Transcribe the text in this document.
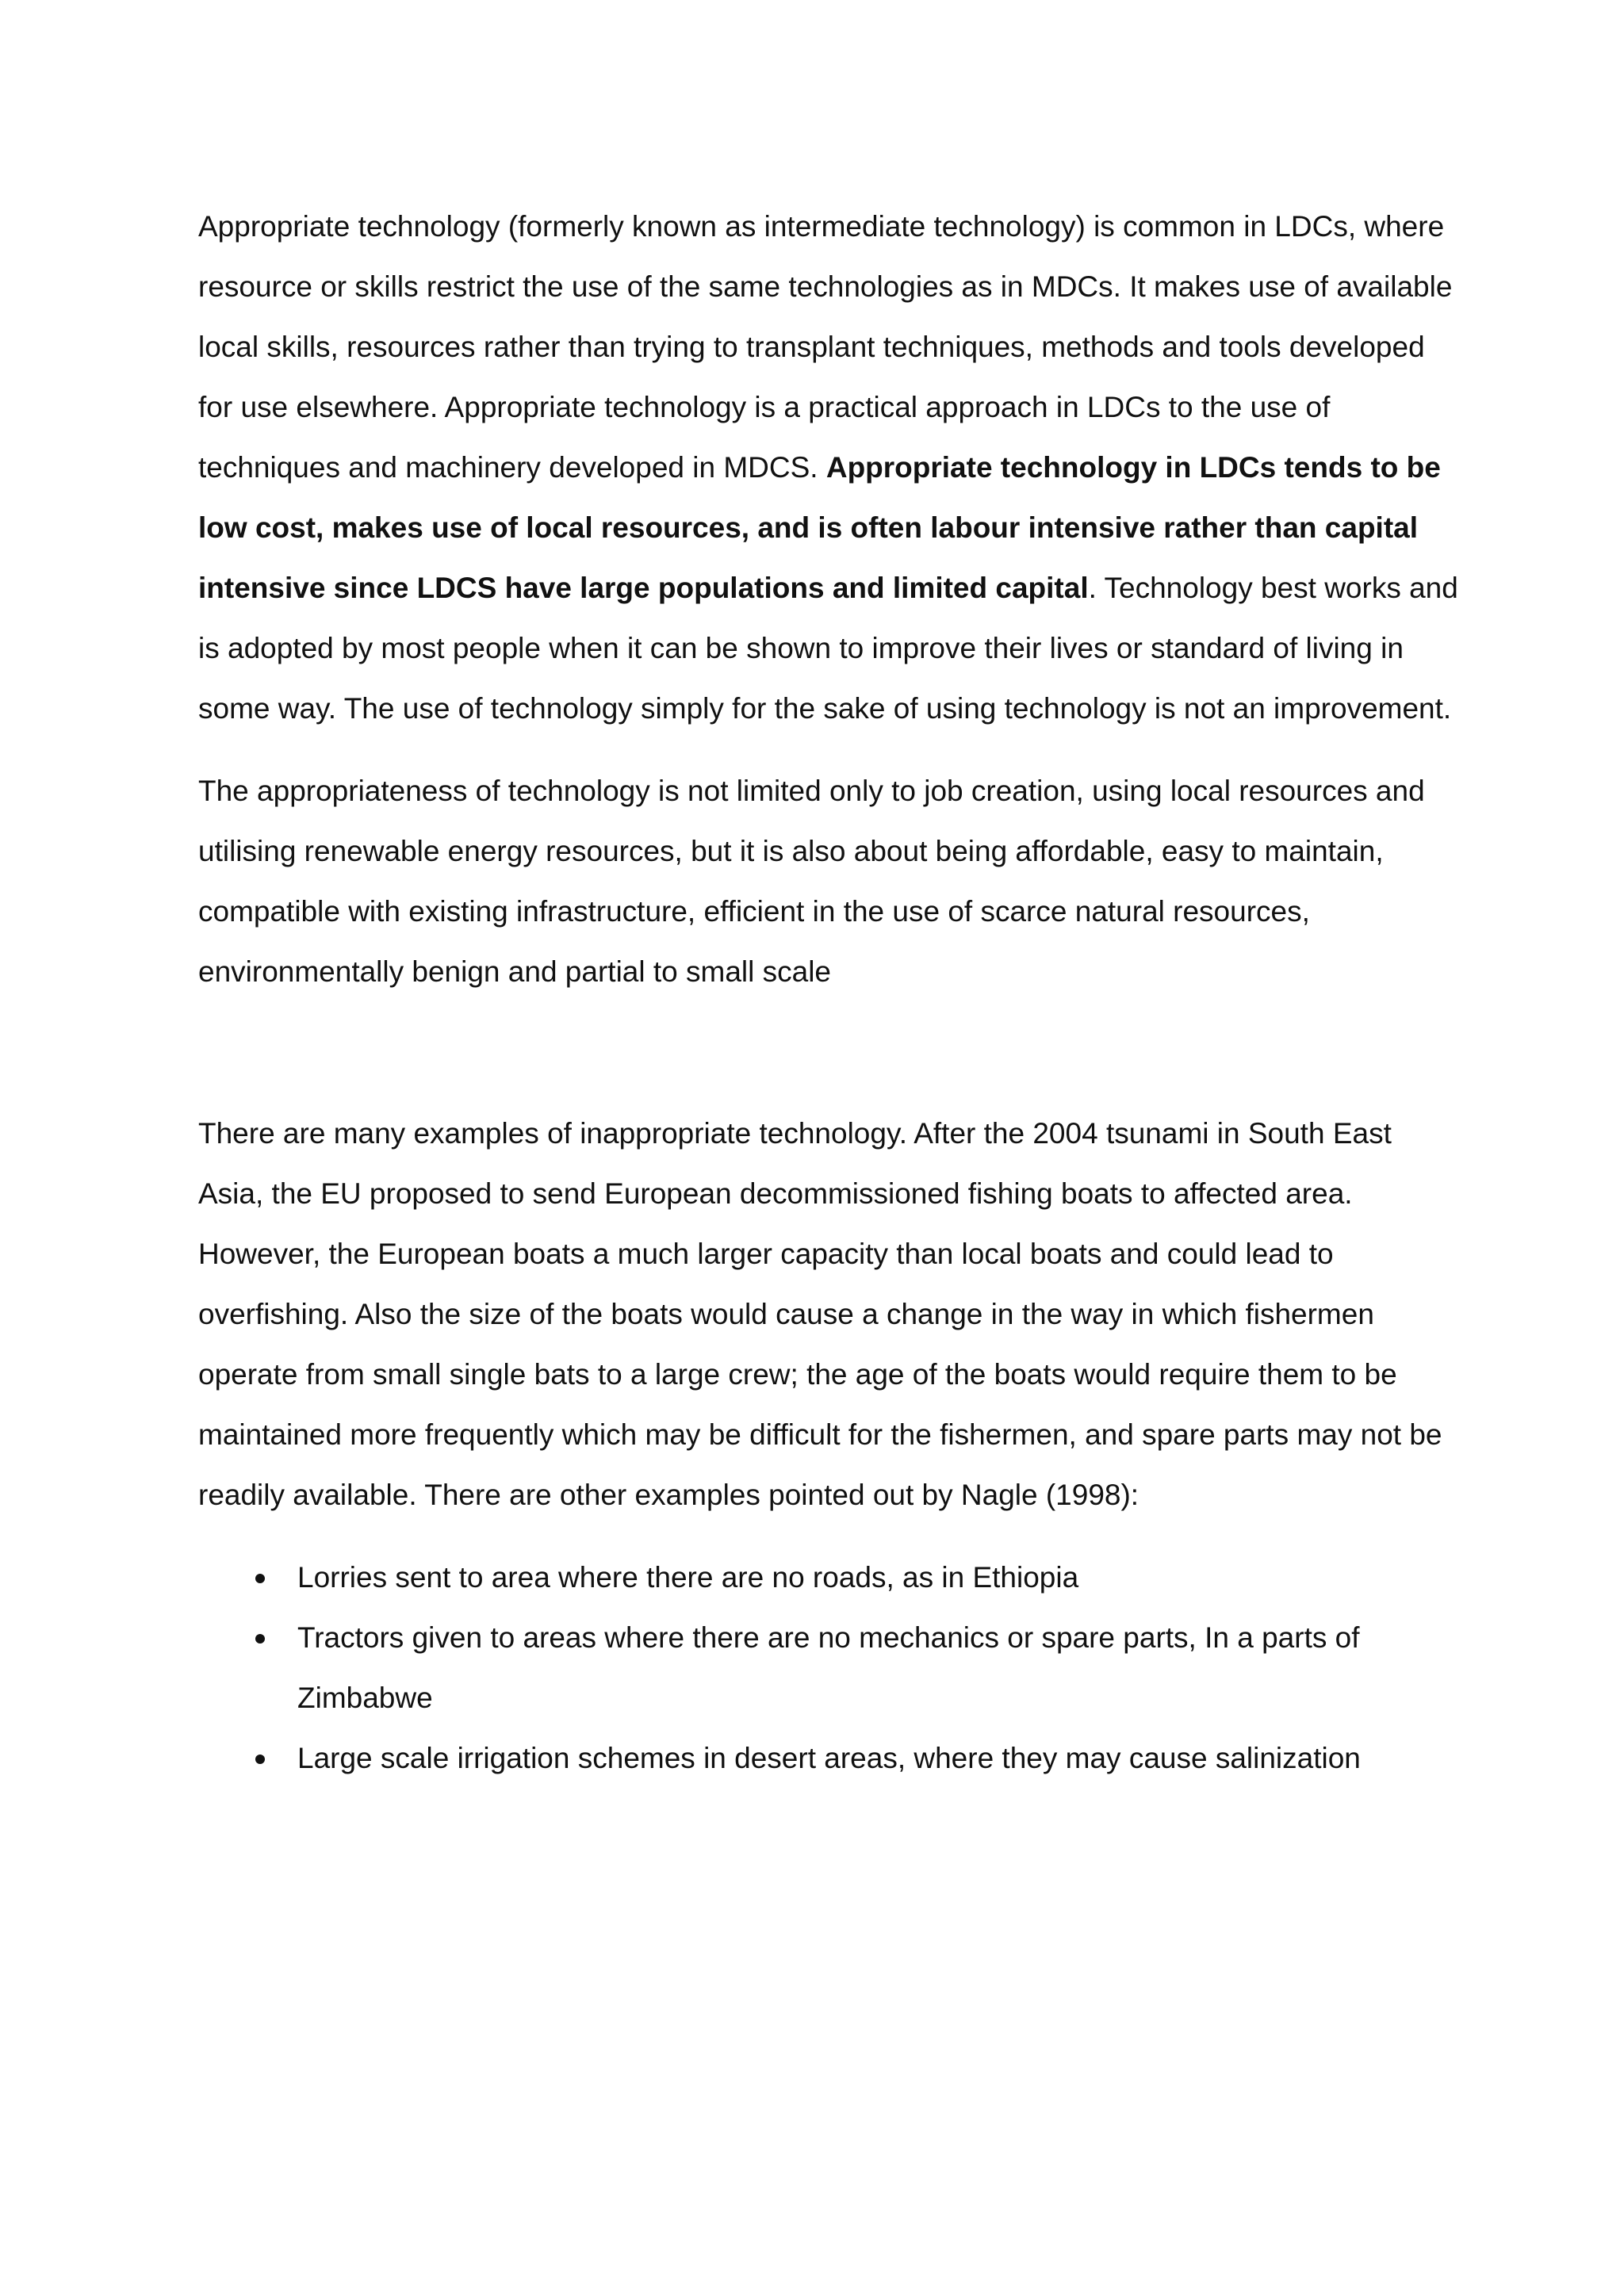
Appropriate technology (formerly known as intermediate technology) is common in LDCs, where resource or skills restrict the use of the same technologies as in MDCs. It makes use of available local skills, resources rather than trying to transplant techniques, methods and tools developed for use elsewhere. Appropriate technology is a practical approach in LDCs to the use of techniques and machinery developed in MDCS. Appropriate technology in LDCs tends to be low cost, makes use of local resources, and is often labour intensive rather than capital intensive since LDCS have large populations and limited capital. Technology best works and is adopted by most people when it can be shown to improve their lives or standard of living in some way. The use of technology simply for the sake of using technology is not an improvement.

The appropriateness of technology is not limited only to job creation, using local resources and utilising renewable energy resources, but it is also about being affordable, easy to maintain, compatible with existing infrastructure, efficient in the use of scarce natural resources, environmentally benign and partial to small scale

There are many examples of inappropriate technology. After the 2004 tsunami in South East Asia, the EU proposed to send European decommissioned fishing boats to affected area. However, the European boats a much larger capacity than local boats and could lead to overfishing. Also the size of the boats would cause a change in the way in which fishermen operate from small single bats to a large crew; the age of the boats would require them to be maintained more frequently which may be difficult for the fishermen, and spare parts may not be readily available. There are other examples pointed out by Nagle (1998):

Lorries sent to area where there are no roads, as in Ethiopia
Tractors given to areas where there are no mechanics or spare parts, In a parts of Zimbabwe
Large scale irrigation schemes in desert areas, where they may cause salinization
